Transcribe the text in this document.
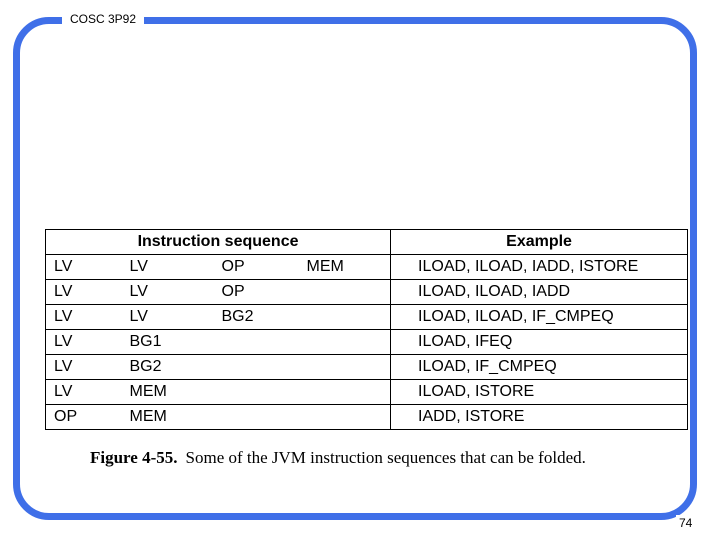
COSC 3P92
Instruction sequence				Example
LV	LV	OP	MEM	ILOAD, ILOAD, IADD, ISTORE
LV	LV	OP		ILOAD, ILOAD, IADD
LV	LV	BG2		ILOAD, ILOAD, IF_CMPEQ
LV	BG1			ILOAD, IFEQ
LV	BG2			ILOAD, IF_CMPEQ
LV	MEM			ILOAD, ISTORE
OP	MEM			IADD, ISTORE
Figure 4-55. Some of the JVM instruction sequences that can be folded.
74
